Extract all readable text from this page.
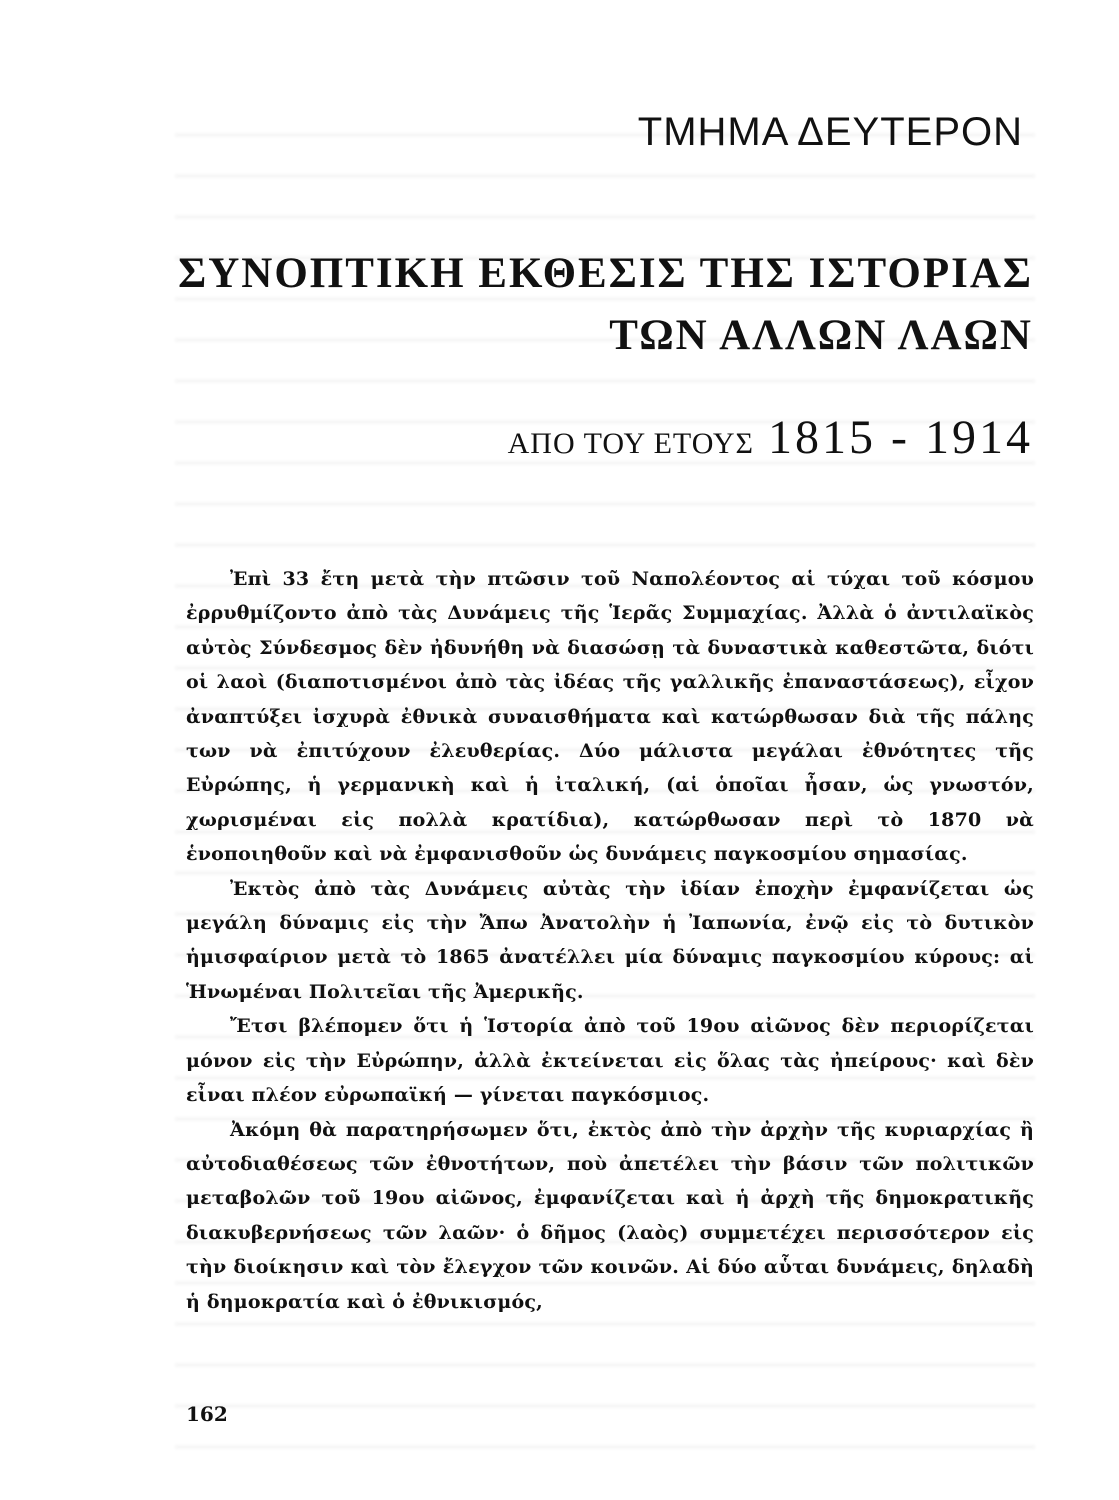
ΤΜΗΜΑ ΔΕΥΤΕΡΟΝ
ΣΥΝΟΠΤΙΚΗ ΕΚΘΕΣΙΣ ΤΗΣ ΙΣΤΟΡΙΑΣ
ΤΩΝ ΑΛΛΩΝ ΛΑΩΝ
ΑΠΟ ΤΟΥ ΕΤΟΥΣ 1815 - 1914

Ἐπὶ 33 ἔτη μετὰ τὴν πτῶσιν τοῦ Ναπολέοντος αἱ τύχαι τοῦ κόσμου ἐρρυθμίζοντο ἀπὸ τὰς Δυνάμεις τῆς Ἱερᾶς Συμμαχίας. Ἀλλὰ ὁ ἀντιλαϊκὸς αὐτὸς Σύνδεσμος δὲν ἠδυνήθη νὰ διασώσῃ τὰ δυναστικὰ καθεστῶτα, διότι οἱ λαοὶ (διαποτισμένοι ἀπὸ τὰς ἰδέας τῆς γαλλικῆς ἐπαναστάσεως), εἶχον ἀναπτύξει ἰσχυρὰ ἐθνικὰ συναισθήματα καὶ κατώρθωσαν διὰ τῆς πάλης των νὰ ἐπιτύχουν ἐλευθερίας. Δύο μάλιστα μεγάλαι ἐθνότητες τῆς Εὐρώπης, ἡ γερμανικὴ καὶ ἡ ἰταλική, (αἱ ὁποῖαι ἦσαν, ὡς γνωστόν, χωρισμέναι εἰς πολλὰ κρατίδια), κατώρθωσαν περὶ τὸ 1870 νὰ ἑνοποιηθοῦν καὶ νὰ ἐμφανισθοῦν ὡς δυνάμεις παγκοσμίου σημασίας.

Ἐκτὸς ἀπὸ τὰς Δυνάμεις αὐτὰς τὴν ἰδίαν ἐποχὴν ἐμφανίζεται ὡς μεγάλη δύναμις εἰς τὴν Ἄπω Ἀνατολὴν ἡ Ἰαπωνία, ἐνῷ εἰς τὸ δυτικὸν ἡμισφαίριον μετὰ τὸ 1865 ἀνατέλλει μία δύναμις παγκοσμίου κύρους: αἱ Ἡνωμέναι Πολιτεῖαι τῆς Ἀμερικῆς.

Ἔτσι βλέπομεν ὅτι ἡ Ἱστορία ἀπὸ τοῦ 19ου αἰῶνος δὲν περιορίζεται μόνον εἰς τὴν Εὐρώπην, ἀλλὰ ἐκτείνεται εἰς ὅλας τὰς ἠπείρους· καὶ δὲν εἶναι πλέον εὐρωπαϊκή — γίνεται παγκόσμιος.

Ἀκόμη θὰ παρατηρήσωμεν ὅτι, ἐκτὸς ἀπὸ τὴν ἀρχὴν τῆς κυριαρχίας ἢ αὐτοδιαθέσεως τῶν ἐθνοτήτων, ποὺ ἀπετέλει τὴν βάσιν τῶν πολιτικῶν μεταβολῶν τοῦ 19ου αἰῶνος, ἐμφανίζεται καὶ ἡ ἀρχὴ τῆς δημοκρατικῆς διακυβερνήσεως τῶν λαῶν· ὁ δῆμος (λαὸς) συμμετέχει περισσότερον εἰς τὴν διοίκησιν καὶ τὸν ἔλεγχον τῶν κοινῶν. Αἱ δύο αὗται δυνάμεις, δηλαδὴ ἡ δημοκρατία καὶ ὁ ἐθνικισμός,

162
